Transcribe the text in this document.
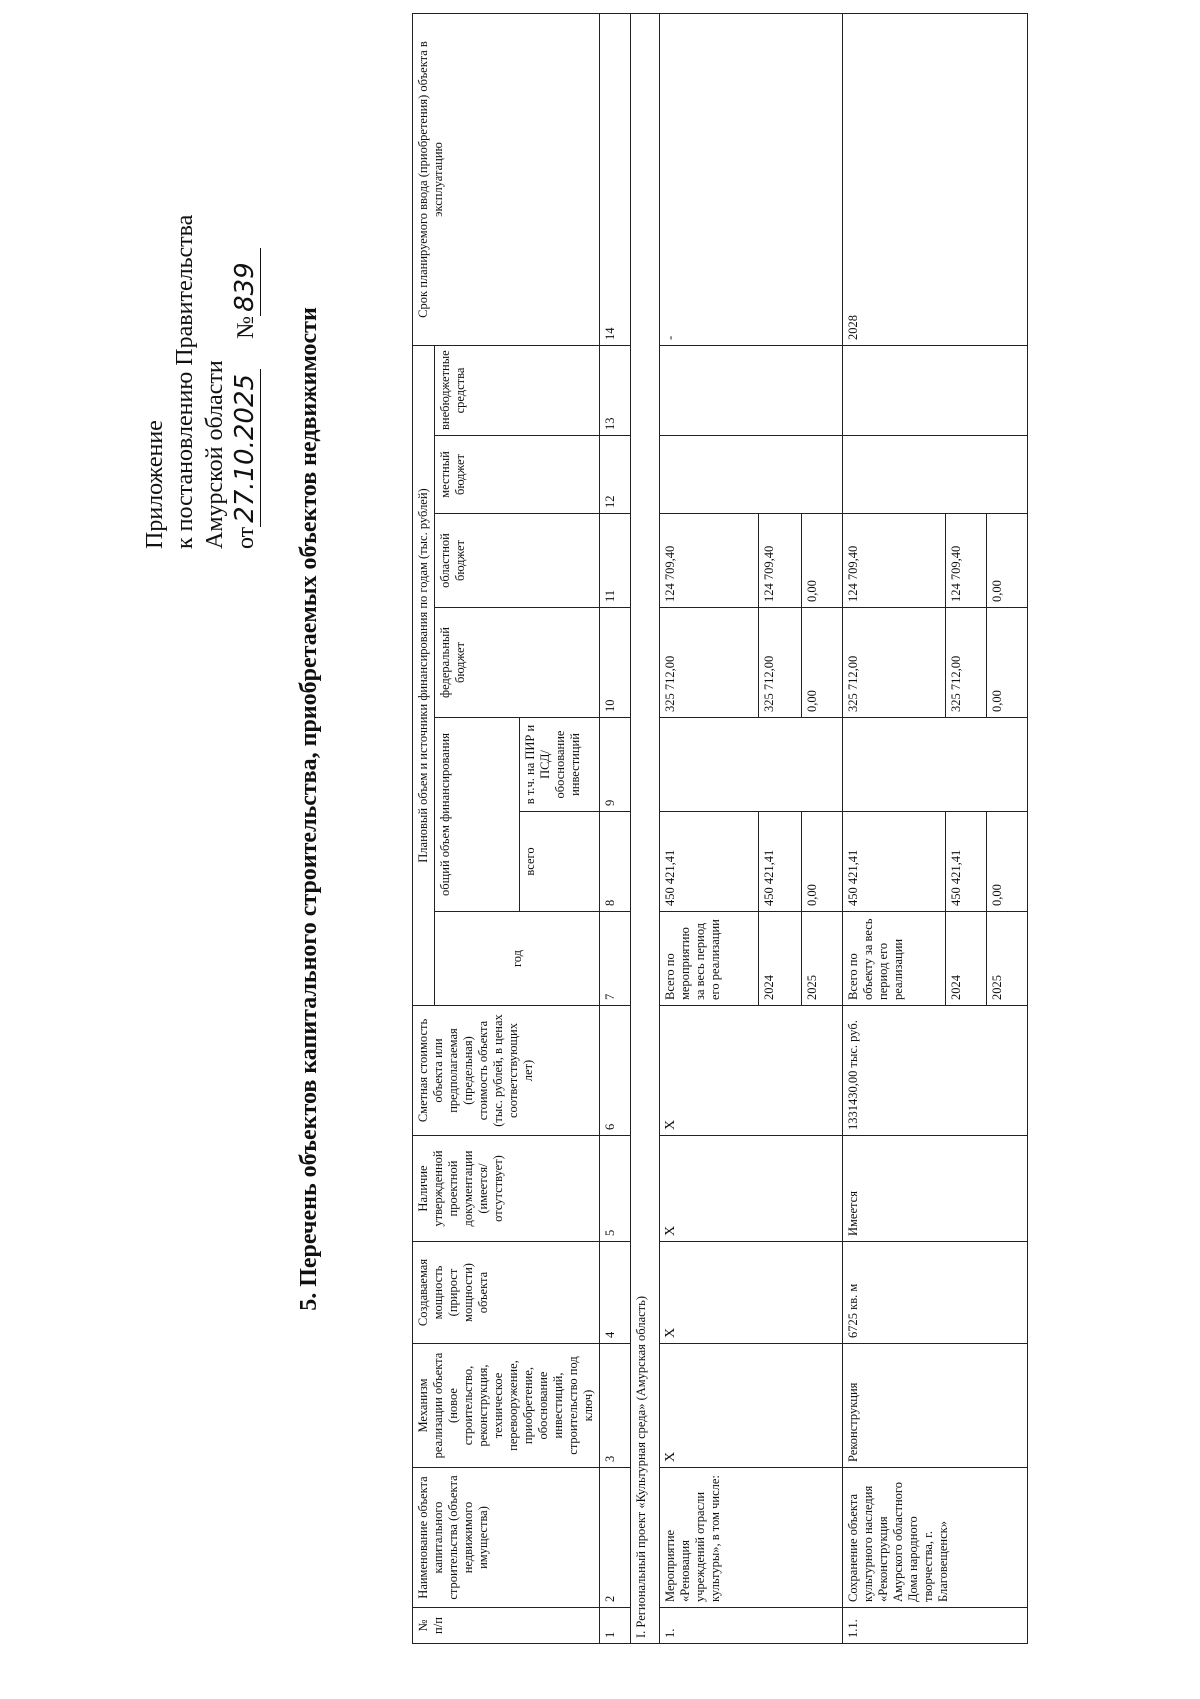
Приложение к постановлению Правительства Амурской области от27.10.2025     №839
5. Перечень объектов капитального строительства, приобретаемых объектов недвижимости
№ п/п	Наименование объекта капитального строительства (объекта недвижимого имущества)	Механизм реализации объекта (новое строительство, реконструкция, техническое перевооружение, приобретение, обоснование инвестиций, строительство под ключ)	Создаваемая мощность (прирост мощности) объекта	Наличие утвержденной проектной документации (имеется/ отсутствует)	Сметная стоимость объекта или предполагаемая (предельная) стоимость объекта (тыс. рублей, в ценах соответствующих лет)	Плановый объем и источники финансирования по годам (тыс. рублей)							Срок планируемого ввода (приобретения) объекта в эксплуатацию
						год	общий объем финансирования		федеральный бюджет	областной бюджет	местный бюджет	внебюджетные средства	
							всего	в т.ч. на ПИР и ПСД/ обоснование инвестиций					
1	2	3	4	5	6	7	8	9	10	11	12	13	14
I. Региональный проект «Культурная среда» (Амурская область)													
1.	Мероприятие «Реновация учреждений отрасли культуры», в том числе:	X	X	X	X	Всего по мероприятию за весь период его реализации	450 421,41		325 712,00	124 709,40			-
						2024	450 421,41		325 712,00	124 709,40			
						2025	0,00		0,00	0,00			
1.1.	Сохранение объекта культурного наследия «Реконструкция Амурского областного Дома народного творчества, г. Благовещенск»	Реконструкция	6725 кв. м	Имеется	1331430,00 тыс. руб.	Всего по объекту за весь период его реализации	450 421,41		325 712,00	124 709,40			2028
						2024	450 421,41		325 712,00	124 709,40			
						2025	0,00		0,00	0,00			
